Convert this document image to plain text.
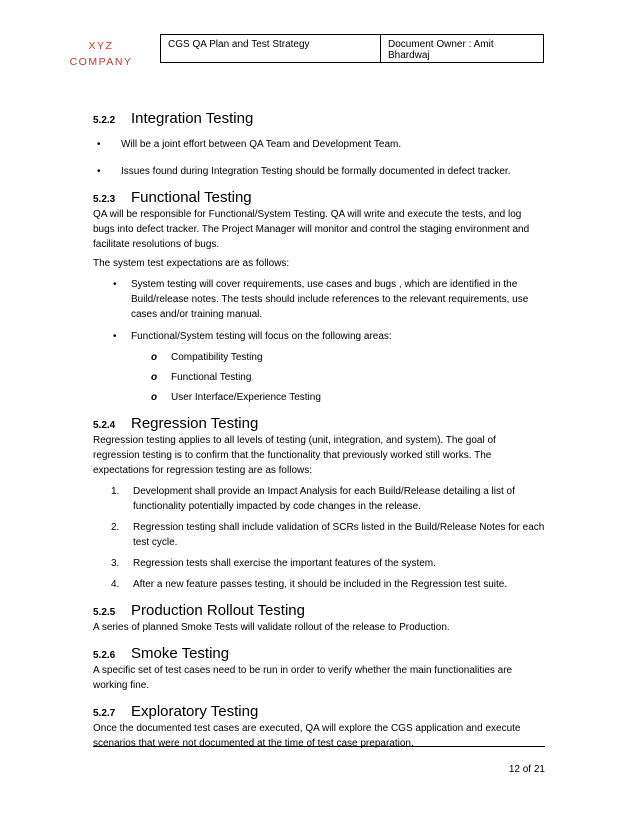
XYZ
COMPANY
CGS QA Plan and Test Strategy	Document Owner : Amit Bhardwaj
5.2.2	Integration Testing
•	Will be a joint effort between QA Team and Development Team.
•	Issues found during Integration Testing should be formally documented in defect tracker.
5.2.3	Functional Testing

QA will be responsible for Functional/System Testing. QA will write and execute the tests, and log bugs into defect tracker. The Project Manager will monitor and control the staging environment and facilitate resolutions of bugs.

The system test expectations are as follows:

•	System testing will cover requirements, use cases and bugs , which are identified in the Build/release notes. The tests should include references to the relevant requirements, use cases and/or training manual.
•	Functional/System testing will focus on the following areas:
o	Compatibility Testing
o	Functional Testing
o	User Interface/Experience Testing
5.2.4	Regression Testing

Regression testing applies to all levels of testing (unit, integration, and system). The goal of regression testing is to confirm that the functionality that previously worked still works. The expectations for regression testing are as follows:

1.	Development shall provide an Impact Analysis for each Build/Release detailing a list of functionality potentially impacted by code changes in the release.
2.	Regression testing shall include validation of SCRs listed in the Build/Release Notes for each test cycle.
3.	Regression tests shall exercise the important features of the system.
4.	After a new feature passes testing, it should be included in the Regression test suite.
5.2.5	Production Rollout Testing

A series of planned Smoke Tests will validate rollout of the release to Production.

5.2.6	Smoke Testing

A specific set of test cases need to be run in order to verify whether the main functionalities are working fine.

5.2.7	Exploratory Testing

Once the documented test cases are executed, QA will explore the CGS application and execute scenarios that were not documented at the time of test case preparation.

12 of 21
